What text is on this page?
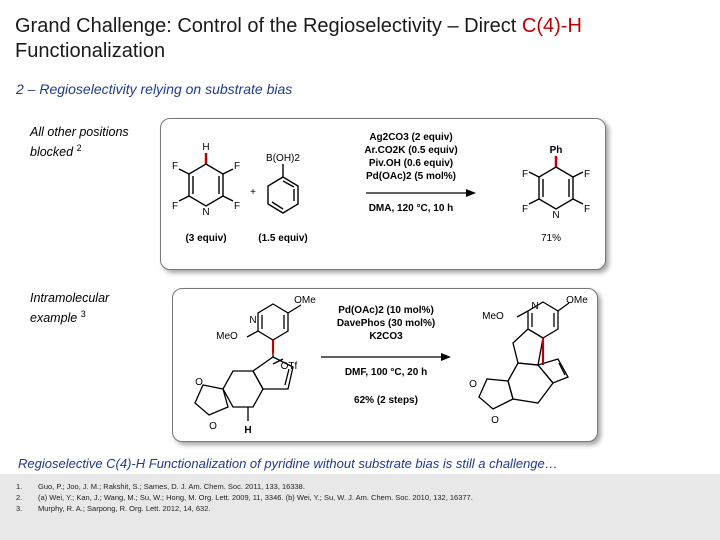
Grand Challenge: Control of the Regioselectivity – Direct C(4)-H
Functionalization
2 – Regioselectivity relying on substrate bias
All other positions
blocked $^2$	H
F
F
F
F
N
B(OH)2
+
Ag2CO3 (2 equiv)
Ar.CO2K (0.5 equiv)
Piv.OH (0.6 equiv)
Pd(OAc)2 (5 mol%)
DMA, 120 °C, 10 h
(3 equiv)	(1.5 equiv)
Ph
F
F
F
F
N
71%
Intramolecular
example $^3$
OMe
MeO
N
OTf
O
O	H
Pd(OAc)2 (10 mol%)
DavePhos (30 mol%)
K2CO3
DMF, 100 °C, 20 h
62% (2 steps)
OMe
MeO
N
O
O
Regioselective C(4)-H Functionalization of pyridine without substrate bias is still a challenge…
1. Guo, P.; Joo, J. M.; Rakshit, S.; Sames, D. J. Am. Chem. Soc. 2011, 133, 16338.
2. (a) Wei, Y.; Kan, J.; Wang, M.; Su, W.; Hong, M. Org. Lett. 2009, 11, 3346. (b) Wei, Y.; Su, W. J. Am. Chem. Soc. 2010, 132, 16377.
3. Murphy, R. A.; Sarpong, R. Org. Lett. 2012, 14, 632.
